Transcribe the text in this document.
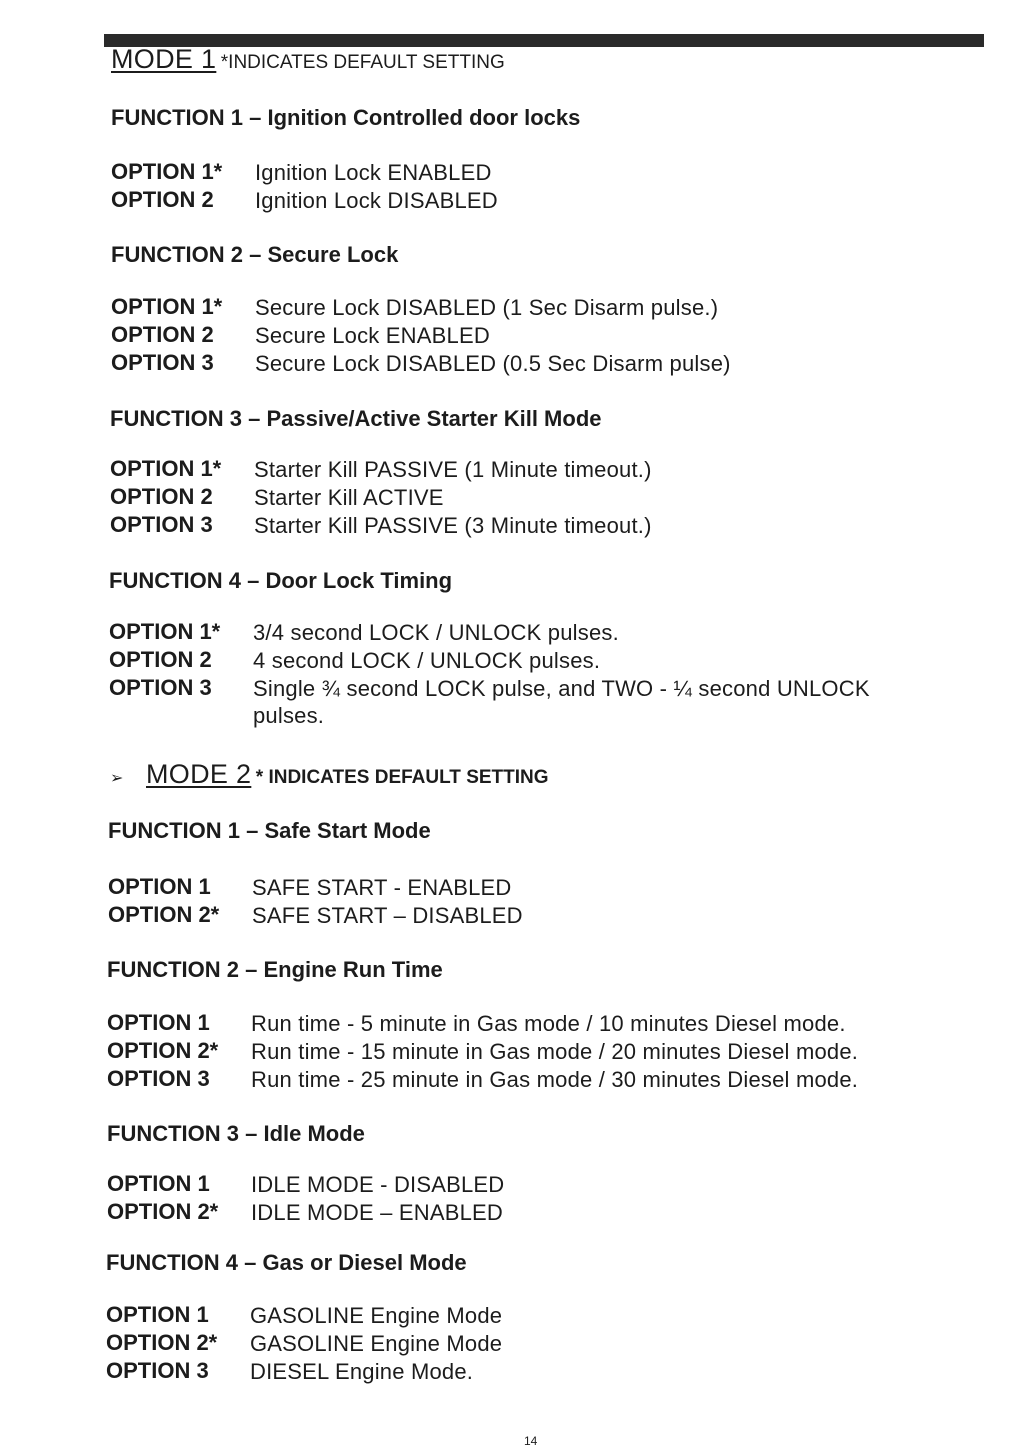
MODE 1 *INDICATES DEFAULT SETTING
FUNCTION 1 – Ignition Controlled door locks
OPTION 1* Ignition Lock ENABLED
OPTION 2 Ignition Lock DISABLED
FUNCTION 2 – Secure Lock
OPTION 1* Secure Lock DISABLED (1 Sec Disarm pulse.)
OPTION 2 Secure Lock ENABLED
OPTION 3 Secure Lock DISABLED (0.5 Sec Disarm pulse)
FUNCTION 3 – Passive/Active Starter Kill Mode
OPTION 1* Starter Kill PASSIVE (1 Minute timeout.)
OPTION 2 Starter Kill ACTIVE
OPTION 3 Starter Kill PASSIVE (3 Minute timeout.)
FUNCTION 4 – Door Lock Timing
OPTION 1* 3/4 second LOCK / UNLOCK pulses.
OPTION 2 4 second LOCK / UNLOCK pulses.
OPTION 3 Single ¾ second LOCK pulse, and TWO - ¼ second UNLOCK
pulses.
➢ MODE 2 * INDICATES DEFAULT SETTING
FUNCTION 1 – Safe Start Mode
OPTION 1 SAFE START - ENABLED
OPTION 2* SAFE START – DISABLED
FUNCTION 2 – Engine Run Time
OPTION 1 Run time - 5 minute in Gas mode / 10 minutes Diesel mode.
OPTION 2* Run time - 15 minute in Gas mode / 20 minutes Diesel mode.
OPTION 3 Run time - 25 minute in Gas mode / 30 minutes Diesel mode.
FUNCTION 3 – Idle Mode
OPTION 1 IDLE MODE - DISABLED
OPTION 2* IDLE MODE – ENABLED
FUNCTION 4 – Gas or Diesel Mode
OPTION 1 GASOLINE Engine Mode
OPTION 2* GASOLINE Engine Mode
OPTION 3 DIESEL Engine Mode.
14
